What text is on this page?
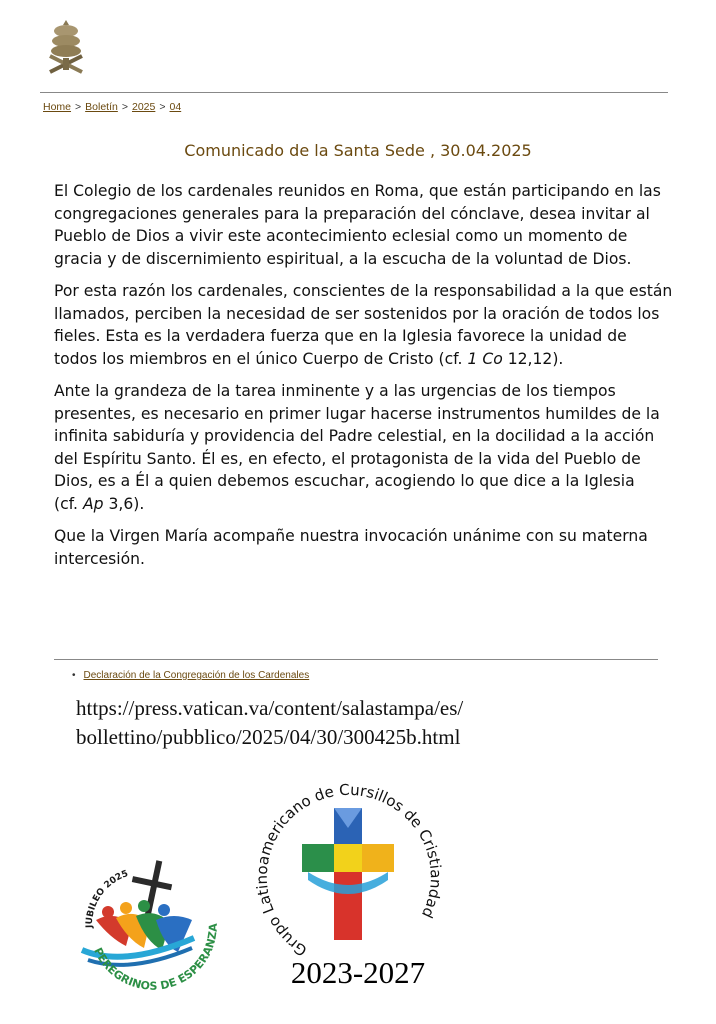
Home > Boletín > 2025 > 04
Comunicado de la Santa Sede , 30.04.2025

El Colegio de los cardenales reunidos en Roma, que están participando en las congregaciones generales para la preparación del cónclave, desea invitar al Pueblo de Dios a vivir este acontecimiento eclesial como un momento de gracia y de discernimiento espiritual, a la escucha de la voluntad de Dios.

Por esta razón los cardenales, conscientes de la responsabilidad a la que están llamados, perciben la necesidad de ser sostenidos por la oración de todos los fieles. Esta es la verdadera fuerza que en la Iglesia favorece la unidad de todos los miembros en el único Cuerpo de Cristo (cf. 1 Co 12,12).

Ante la grandeza de la tarea inminente y a las urgencias de los tiempos presentes, es necesario en primer lugar hacerse instrumentos humildes de la infinita sabiduría y providencia del Padre celestial, en la docilidad a la acción del Espíritu Santo. Él es, en efecto, el protagonista de la vida del Pueblo de Dios, es a Él a quien debemos escuchar, acogiendo lo que dice a la Iglesia
(cf. Ap 3,6).

Que la Virgen María acompañe nuestra invocación unánime con su materna intercesión.

• Declaración de la Congregación de los Cardenales
https://press.vatican.va/content/salastampa/es/
bollettino/pubblico/2025/04/30/300425b.html
JUBILEO 2025
PEREGRINOS DE ESPERANZA
Grupo Latinoamericano de Cursillos de Cristiandad
2023-2027
